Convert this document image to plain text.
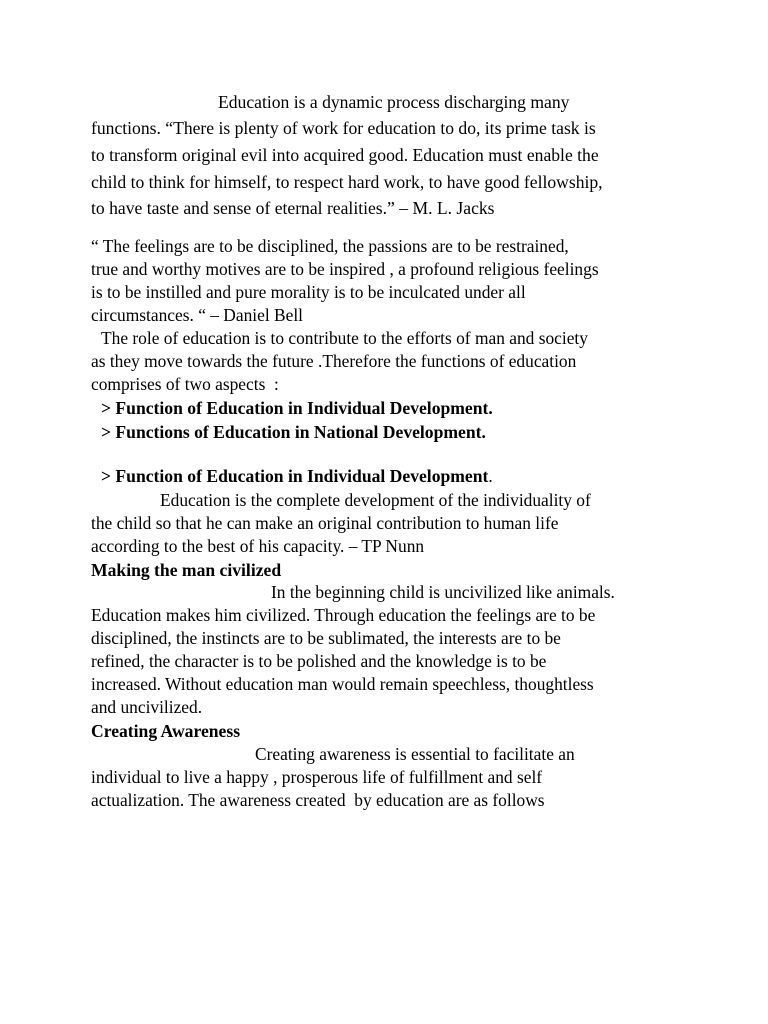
Education is a dynamic process discharging many
functions. “There is plenty of work for education to do, its prime task is
to transform original evil into acquired good. Education must enable the
child to think for himself, to respect hard work, to have good fellowship,
to have taste and sense of eternal realities.” – M. L. Jacks
“ The feelings are to be disciplined, the passions are to be restrained,
true and worthy motives are to be inspired , a profound religious feelings
is to be instilled and pure morality is to be inculcated under all
circumstances. “ – Daniel Bell
The role of education is to contribute to the efforts of man and society
as they move towards the future .Therefore the functions of education
comprises of two aspects  :
> Function of Education in Individual Development.
> Functions of Education in National Development.
> Function of Education in Individual Development.
Education is the complete development of the individuality of
the child so that he can make an original contribution to human life
according to the best of his capacity. – TP Nunn
Making the man civilized
In the beginning child is uncivilized like animals.
Education makes him civilized. Through education the feelings are to be
disciplined, the instincts are to be sublimated, the interests are to be
refined, the character is to be polished and the knowledge is to be
increased. Without education man would remain speechless, thoughtless
and uncivilized.
Creating Awareness
Creating awareness is essential to facilitate an
individual to live a happy , prosperous life of fulfillment and self
actualization. The awareness created  by education are as follows
